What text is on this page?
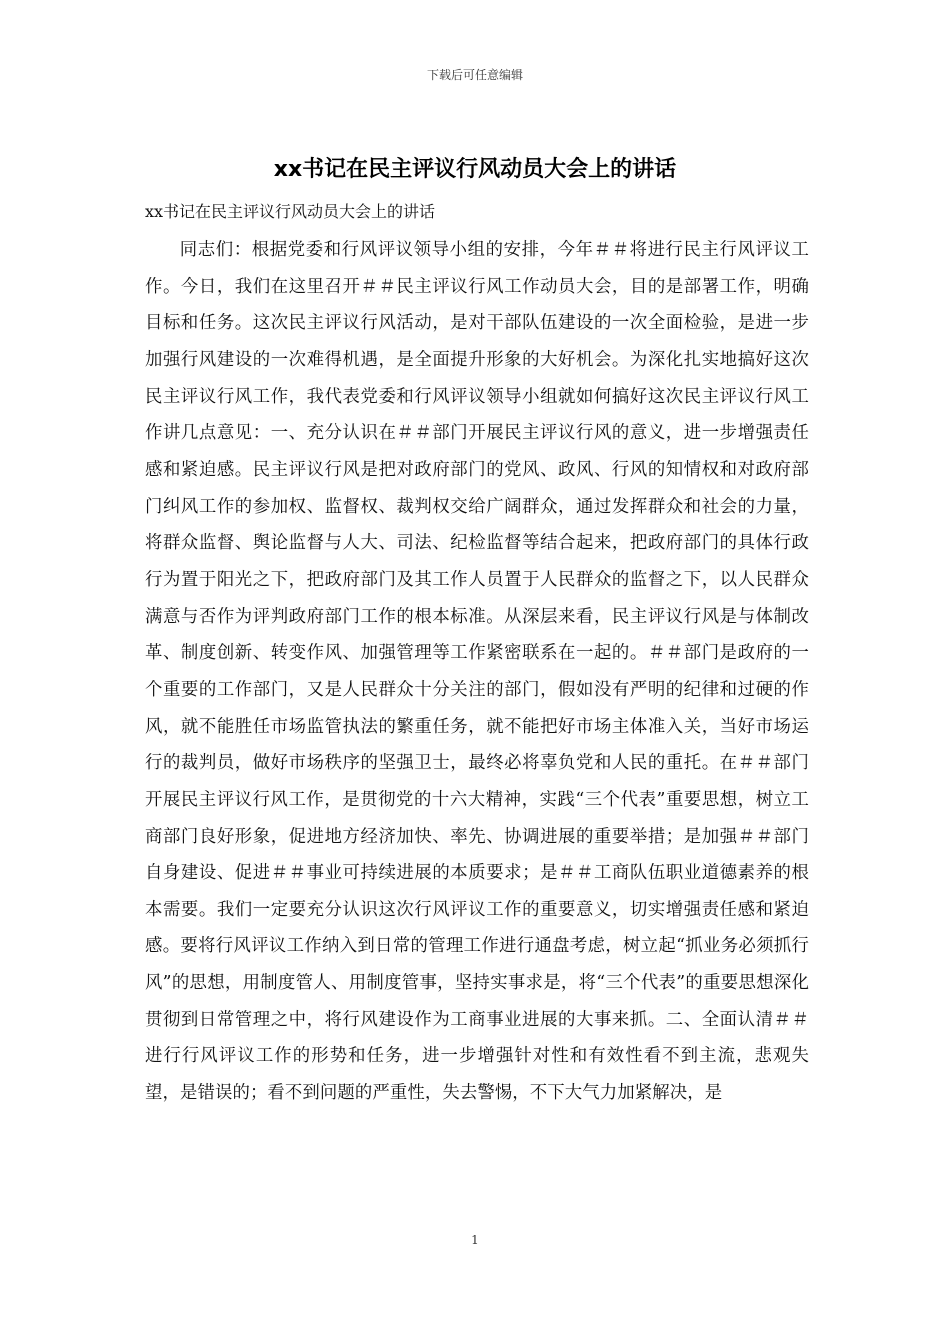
下载后可任意编辑
xx书记在民主评议行风动员大会上的讲话
xx书记在民主评议行风动员大会上的讲话
同志们：根据党委和行风评议领导小组的安排，今年＃＃将进行民主行风评议工作。今日，我们在这里召开＃＃民主评议行风工作动员大会，目的是部署工作，明确目标和任务。这次民主评议行风活动，是对干部队伍建设的一次全面检验，是进一步加强行风建设的一次难得机遇，是全面提升形象的大好机会。为深化扎实地搞好这次民主评议行风工作，我代表党委和行风评议领导小组就如何搞好这次民主评议行风工作讲几点意见：一、充分认识在＃＃部门开展民主评议行风的意义，进一步增强责任感和紧迫感。民主评议行风是把对政府部门的党风、政风、行风的知情权和对政府部门纠风工作的参加权、监督权、裁判权交给广阔群众，通过发挥群众和社会的力量，将群众监督、舆论监督与人大、司法、纪检监督等结合起来，把政府部门的具体行政行为置于阳光之下，把政府部门及其工作人员置于人民群众的监督之下，以人民群众满意与否作为评判政府部门工作的根本标准。从深层来看，民主评议行风是与体制改革、制度创新、转变作风、加强管理等工作紧密联系在一起的。＃＃部门是政府的一个重要的工作部门，又是人民群众十分关注的部门，假如没有严明的纪律和过硬的作风，就不能胜任市场监管执法的繁重任务，就不能把好市场主体准入关，当好市场运行的裁判员，做好市场秩序的坚强卫士，最终必将辜负党和人民的重托。在＃＃部门开展民主评议行风工作，是贯彻党的十六大精神，实践“三个代表”重要思想，树立工商部门良好形象，促进地方经济加快、率先、协调进展的重要举措；是加强＃＃部门自身建设、促进＃＃事业可持续进展的本质要求；是＃＃工商队伍职业道德素养的根本需要。我们一定要充分认识这次行风评议工作的重要意义，切实增强责任感和紧迫感。要将行风评议工作纳入到日常的管理工作进行通盘考虑，树立起“抓业务必须抓行风”的思想，用制度管人、用制度管事，坚持实事求是，将“三个代表”的重要思想深化贯彻到日常管理之中，将行风建设作为工商事业进展的大事来抓。二、全面认清＃＃进行行风评议工作的形势和任务，进一步增强针对性和有效性看不到主流，悲观失望，是错误的；看不到问题的严重性，失去警惕，不下大气力加紧解决，是
1
